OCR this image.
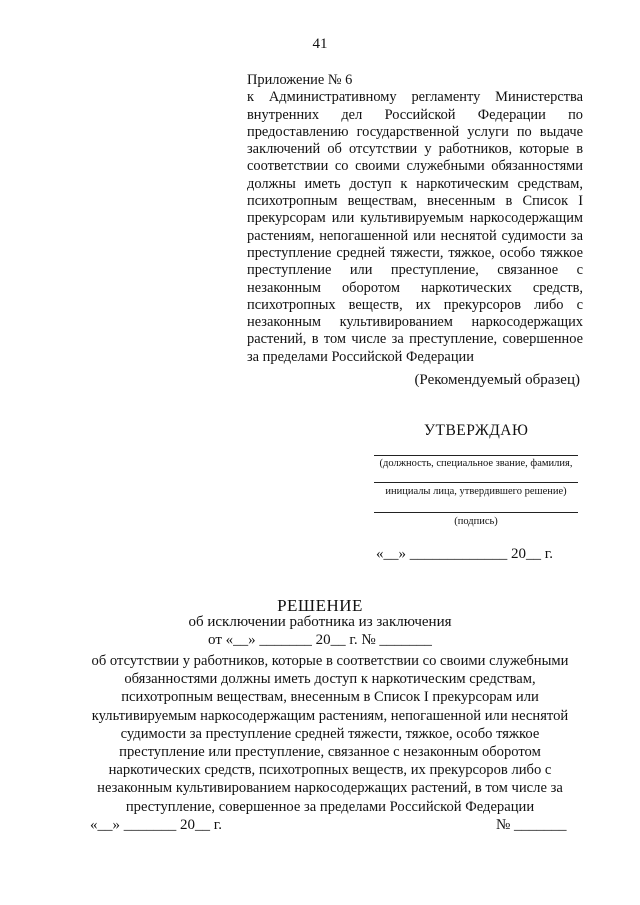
41
Приложение № 6
к Административному регламенту Министерства внутренних дел Российской Федерации по предоставлению государственной услуги по выдаче заключений об отсутствии у работников, которые в соответствии со своими служебными обязанностями должны иметь доступ к наркотическим средствам, психотропным веществам, внесенным в Список I прекурсорам или культивируемым наркосодержащим растениям, непогашенной или неснятой судимости за преступление средней тяжести, тяжкое, особо тяжкое преступление или преступление, связанное с незаконным оборотом наркотических средств, психотропных веществ, их прекурсоров либо с незаконным культивированием наркосодержащих растений, в том числе за преступление, совершенное за пределами Российской Федерации
(Рекомендуемый образец)
УТВЕРЖДАЮ
(должность, специальное звание, фамилия,
инициалы лица, утвердившего решение)
(подпись)
«__» _____________ 20__ г.
РЕШЕНИЕ
об исключении работника из заключения
от «__» _______ 20__ г. № _______
об отсутствии у работников, которые в соответствии со своими служебными обязанностями должны иметь доступ к наркотическим средствам, психотропным веществам, внесенным в Список I прекурсорам или культивируемым наркосодержащим растениям, непогашенной или неснятой судимости за преступление средней тяжести, тяжкое, особо тяжкое преступление или преступление, связанное с незаконным оборотом наркотических средств, психотропных веществ, их прекурсоров либо с незаконным культивированием наркосодержащих растений, в том числе за преступление, совершенное за пределами Российской Федерации
«__» _______ 20__ г.	№ _______
